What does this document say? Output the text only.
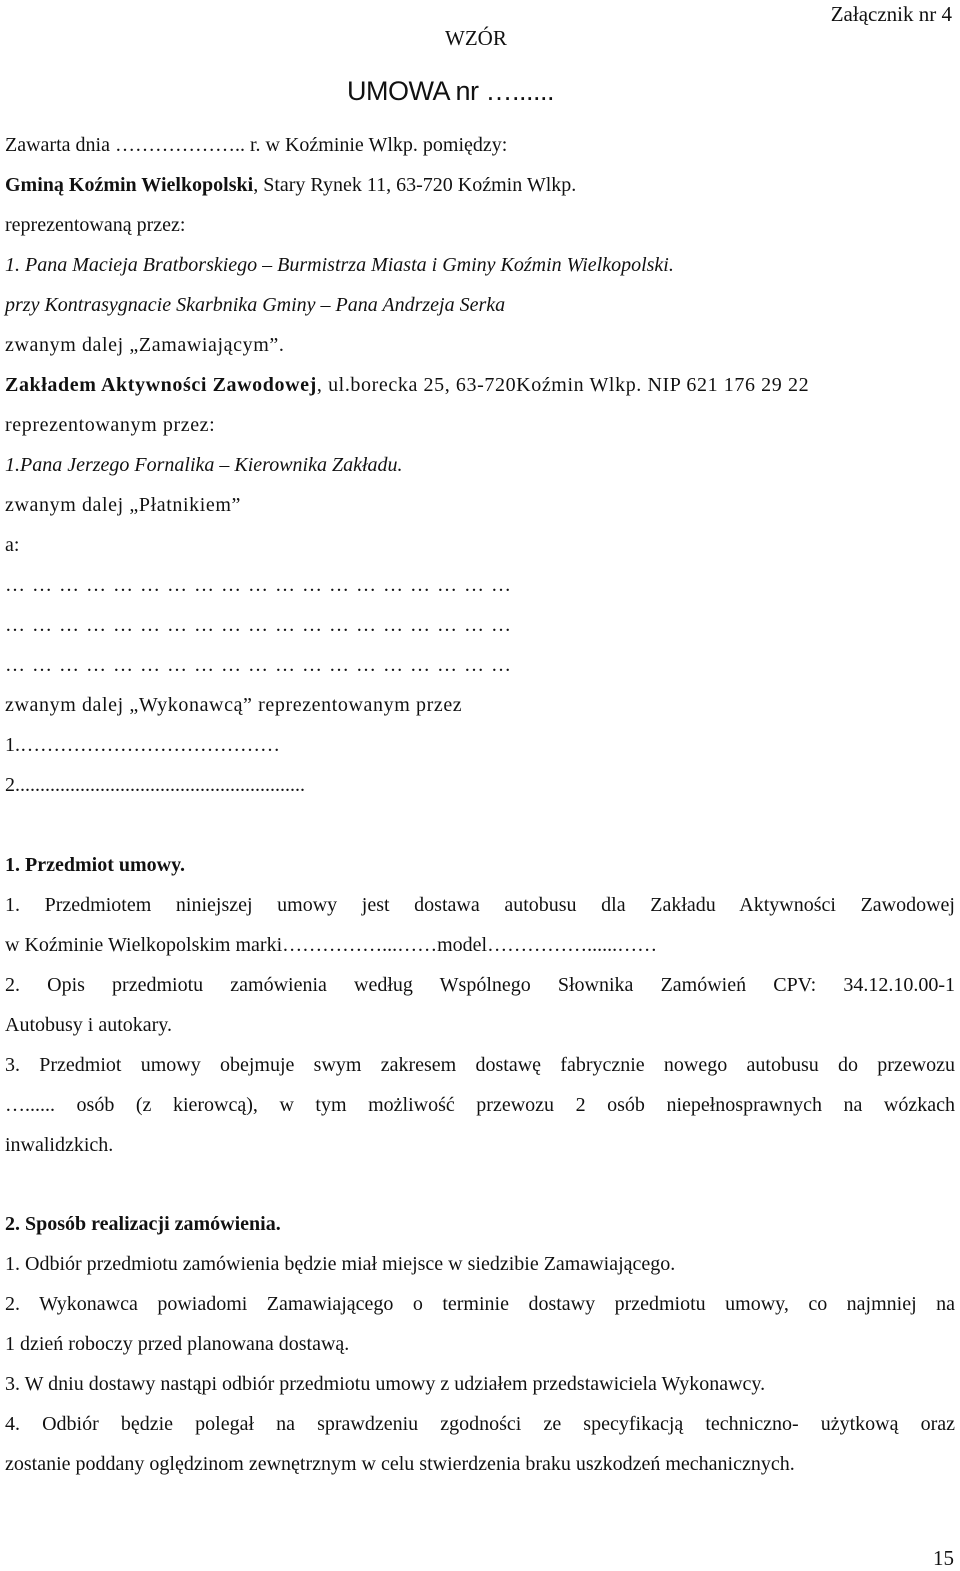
Załącznik nr 4
WZÓR
UMOWA nr …......
Zawarta dnia ……………….. r. w Koźminie Wlkp. pomiędzy:
Gminą Koźmin Wielkopolski, Stary Rynek 11, 63-720 Koźmin Wlkp.
reprezentowaną przez:
1. Pana Macieja Bratborskiego – Burmistrza Miasta i Gminy Koźmin Wielkopolski.
przy Kontrasygnacie Skarbnika Gminy – Pana Andrzeja Serka
zwanym dalej „Zamawiającym”.
Zakładem Aktywności Zawodowej, ul.borecka 25, 63-720Koźmin Wlkp. NIP 621 176 29 22
reprezentowanym przez:
1.Pana Jerzego Fornalika – Kierownika Zakładu.
zwanym dalej „Płatnikiem”
a:
… … … … … … … … … … … … … … … … … … …
… … … … … … … … … … … … … … … … … … …
… … … … … … … … … … … … … … … … … … …
zwanym dalej „Wykonawcą” reprezentowanym przez
1.…………………………………
2..........................................................
1. Przedmiot umowy.
1. Przedmiotem niniejszej umowy jest dostawa autobusu dla Zakładu Aktywności Zawodowej
w Koźminie Wielkopolskim marki……………...……model……………......……
2. Opis przedmiotu zamówienia według Wspólnego Słownika Zamówień CPV: 34.12.10.00-1
Autobusy i autokary.
3. Przedmiot umowy obejmuje swym zakresem dostawę fabrycznie nowego autobusu do przewozu
…...... osób (z kierowcą), w tym możliwość przewozu 2 osób niepełnosprawnych na wózkach
inwalidzkich.
2. Sposób realizacji zamówienia.
1. Odbiór przedmiotu zamówienia będzie miał miejsce w siedzibie Zamawiającego.
2. Wykonawca powiadomi Zamawiającego o terminie dostawy przedmiotu umowy, co najmniej na
1 dzień roboczy przed planowana dostawą.
3. W dniu dostawy nastąpi odbiór przedmiotu umowy z udziałem przedstawiciela Wykonawcy.
4. Odbiór będzie polegał na sprawdzeniu zgodności ze specyfikacją techniczno- użytkową oraz
zostanie poddany oględzinom zewnętrznym w celu stwierdzenia braku uszkodzeń mechanicznych.
15
